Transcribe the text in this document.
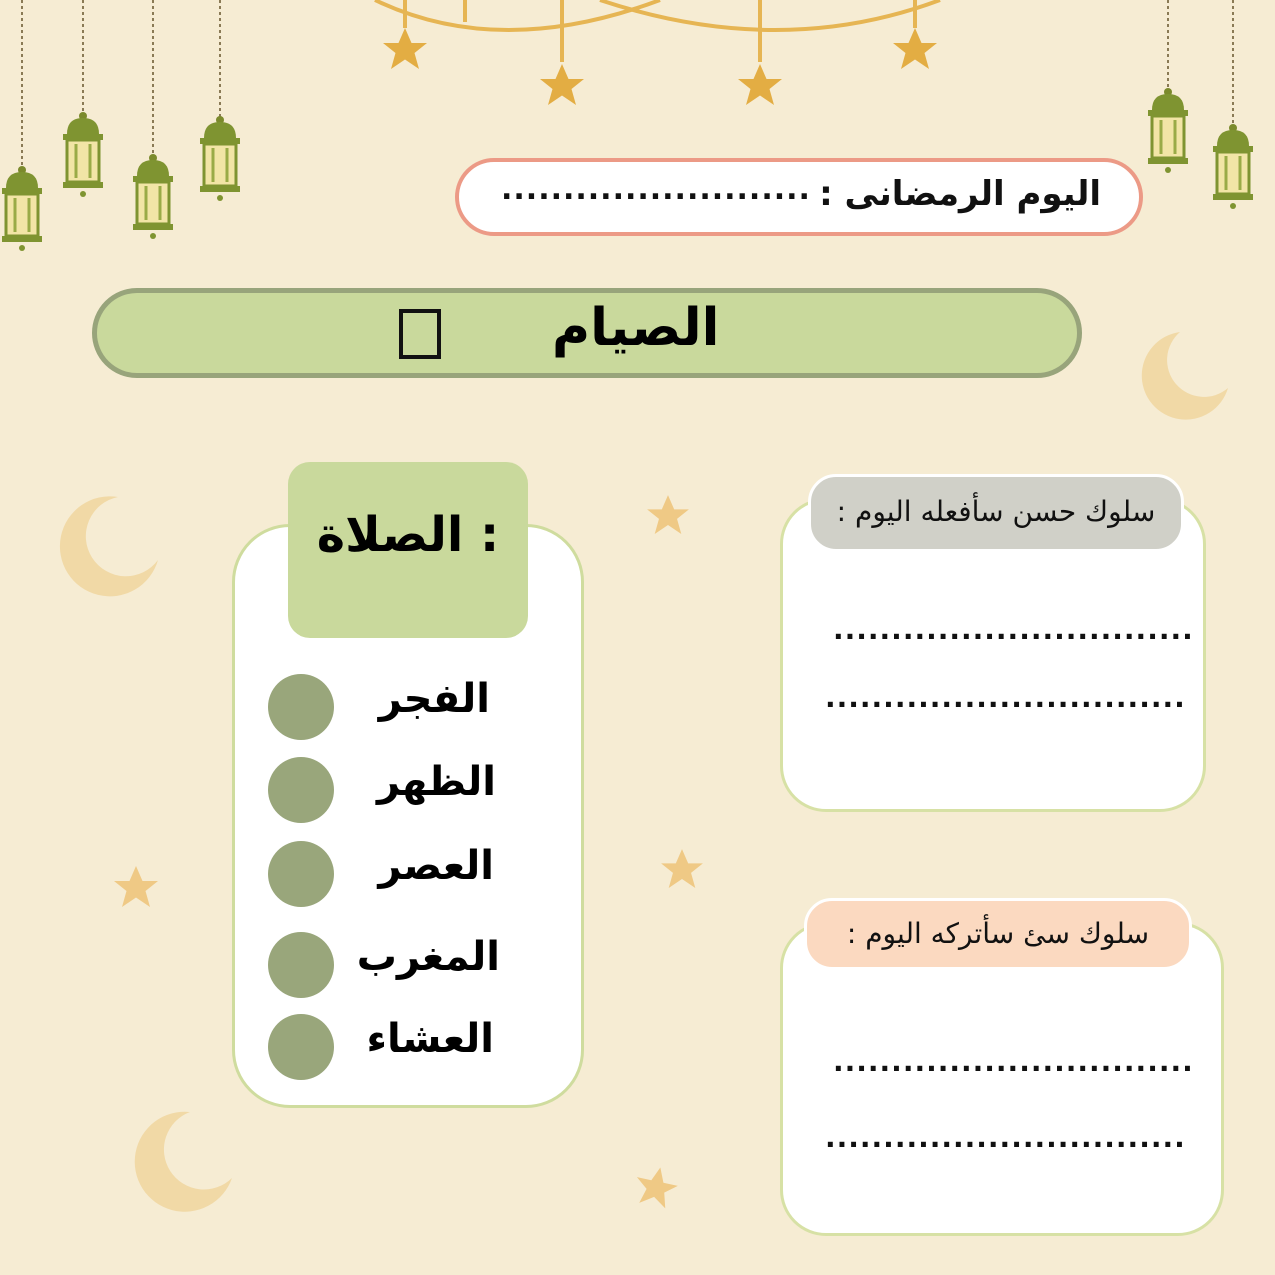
اليوم الرمضانى :
.........................
الصيام
الصلاة :
الفجر
الظهر
العصر
المغرب
العشاء
...............................
...............................
سلوك حسن سأفعله اليوم :
...............................
...............................
سلوك سئ سأتركه اليوم :
